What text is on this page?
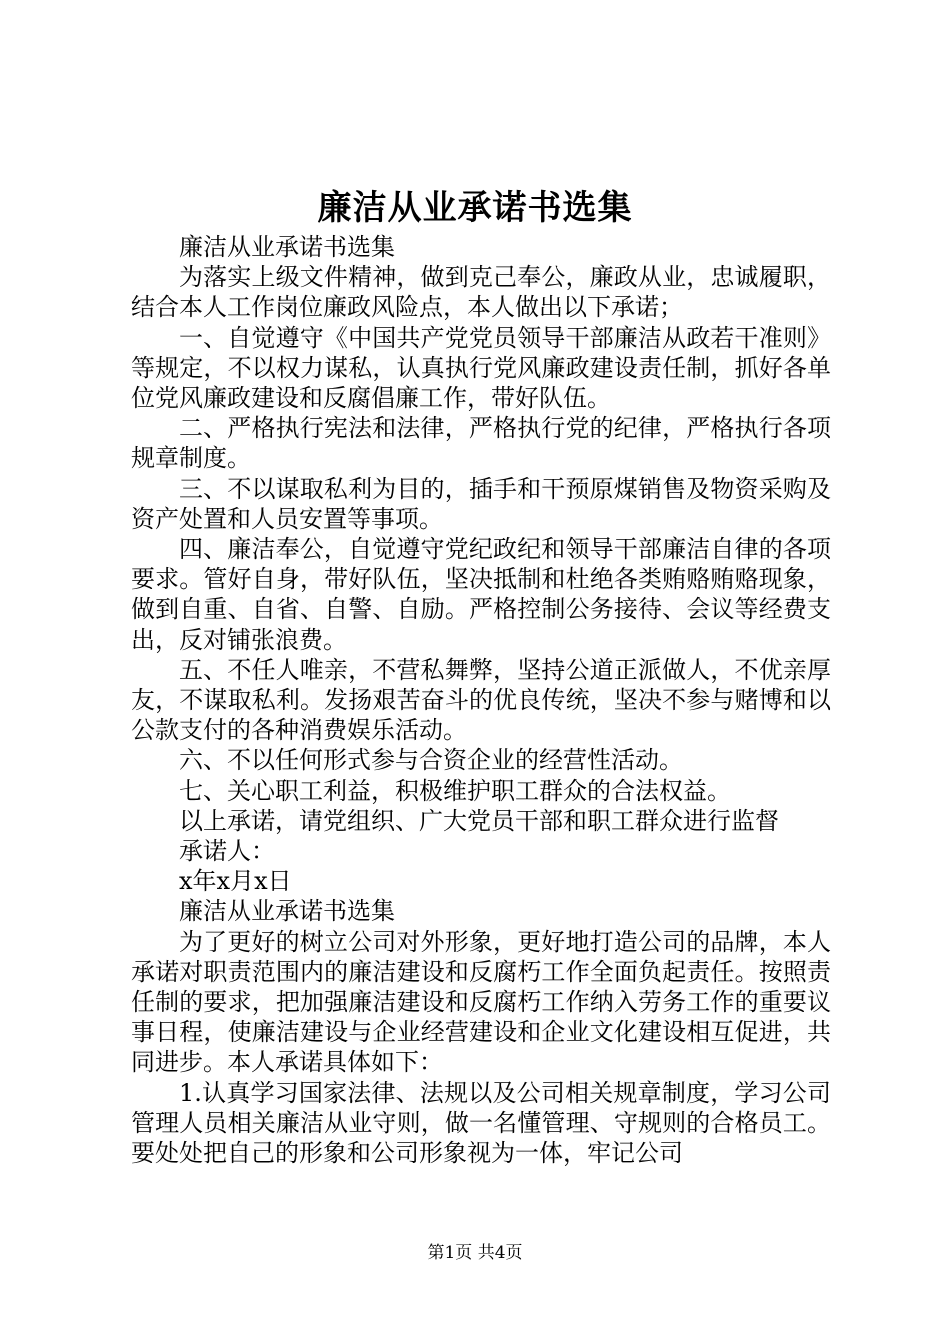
廉洁从业承诺书选集

廉洁从业承诺书选集

为落实上级文件精神，做到克己奉公，廉政从业，忠诚履职，结合本人工作岗位廉政风险点，本人做出以下承诺；

一、自觉遵守《中国共产党党员领导干部廉洁从政若干准则》等规定，不以权力谋私，认真执行党风廉政建设责任制，抓好各单位党风廉政建设和反腐倡廉工作，带好队伍。

二、严格执行宪法和法律，严格执行党的纪律，严格执行各项规章制度。

三、不以谋取私利为目的，插手和干预原煤销售及物资采购及资产处置和人员安置等事项。

四、廉洁奉公，自觉遵守党纪政纪和领导干部廉洁自律的各项要求。管好自身，带好队伍，坚决抵制和杜绝各类贿赂贿赂现象，做到自重、自省、自警、自励。严格控制公务接待、会议等经费支出，反对铺张浪费。

五、不任人唯亲，不营私舞弊，坚持公道正派做人，不优亲厚友，不谋取私利。发扬艰苦奋斗的优良传统，坚决不参与赌博和以公款支付的各种消费娱乐活动。

六、不以任何形式参与合资企业的经营性活动。

七、关心职工利益，积极维护职工群众的合法权益。

以上承诺，请党组织、广大党员干部和职工群众进行监督

承诺人：

x年x月x日

廉洁从业承诺书选集

为了更好的树立公司对外形象，更好地打造公司的品牌，本人承诺对职责范围内的廉洁建设和反腐朽工作全面负起责任。按照责任制的要求，把加强廉洁建设和反腐朽工作纳入劳务工作的重要议事日程，使廉洁建设与企业经营建设和企业文化建设相互促进，共同进步。本人承诺具体如下：

1.认真学习国家法律、法规以及公司相关规章制度，学习公司管理人员相关廉洁从业守则，做一名懂管理、守规则的合格员工。要处处把自己的形象和公司形象视为一体，牢记公司

第1页 共4页
